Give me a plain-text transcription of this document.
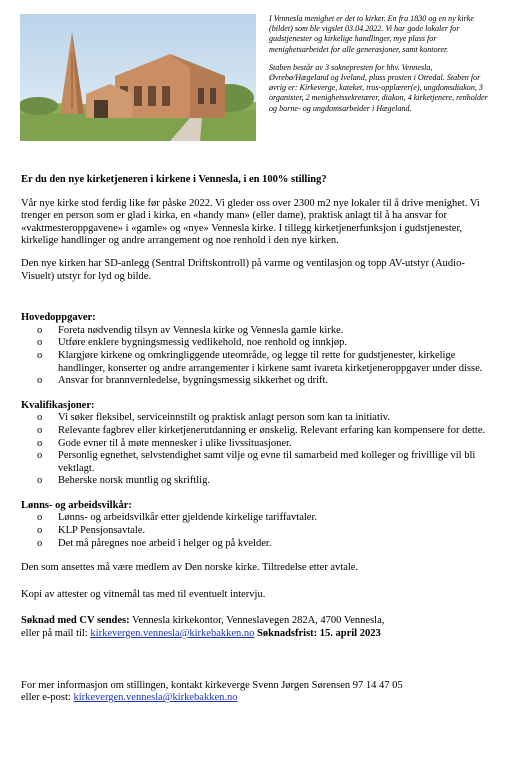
I Vennesla menighet er det to kirker. En fra 1830 og en ny kirke (bildet) som ble vigslet 03.04.2022. Vi har gode lokaler for gudstjenester og kirkelige handlinger, mye plass for menighetsarbeidet for alle generasjoner, samt kontorer.

Staben består av 3 soknepresten for hhv. Vennesla, Øvrebø/Hægeland og Iveland, pluss prosten i Otredal. Staben for øvrig er: Kirkeverge, kateket, tros-opplærer(e), ungdomsdiakon, 3 organister, 2 menighetssekretærer, diakon, 4 kirketjenere, renholder og barne- og ungdomsarbeider i Hægeland.

Er du den nye kirketjeneren i kirkene i Vennesla, i en 100% stilling?

Vår nye kirke stod ferdig like før påske 2022. Vi gleder oss over 2300 m2 nye lokaler til å drive menighet. Vi trenger en person som er glad i kirka, en «handy man» (eller dame), praktisk anlagt til å ha ansvar for «vaktmesteroppgavene» i «gamle» og «nye» Vennesla kirke. I tillegg kirketjenerfunksjon i gudstjenester, kirkelige handlinger og andre arrangement og noe renhold i den nye kirken.

Den nye kirken har SD-anlegg (Sentral Driftskontroll) på varme og ventilasjon og topp AV-utstyr (Audio-Visuelt) utstyr for lyd og bilde.

Hovedoppgaver:
o Foreta nødvendig tilsyn av Vennesla kirke og Vennesla gamle kirke.
o Utføre enklere bygningsmessig vedlikehold, noe renhold og innkjøp.
o Klargjøre kirkene og omkringliggende uteområde, og legge til rette for gudstjenester, kirkelige handlinger, konserter og andre arrangementer i kirkene samt ivareta kirketjeneroppgaver under disse.
o Ansvar for brannvernledelse, bygningsmessig sikkerhet og drift.
Kvalifikasjoner:
o Vi søker fleksibel, serviceinnstilt og praktisk anlagt person som kan ta initiativ.
o Relevante fagbrev eller kirketjenerutdanning er ønskelig. Relevant erfaring kan kompensere for dette.
o Gode evner til å møte mennesker i ulike livssituasjoner.
o Personlig egnethet, selvstendighet samt vilje og evne til samarbeid med kolleger og frivillige vil bli vektlagt.
o Beherske norsk muntlig og skriftlig.
Lønns- og arbeidsvilkår:
o Lønns- og arbeidsvilkår etter gjeldende kirkelige tariffavtaler.
o KLP Pensjonsavtale.
o Det må påregnes noe arbeid i helger og på kvelder.

Den som ansettes må være medlem av Den norske kirke. Tiltredelse etter avtale.

Kopi av attester og vitnemål tas med til eventuelt intervju.

Søknad med CV sendes: Vennesla kirkekontor, Venneslavegen 282A, 4700 Vennesla,
eller på mail til: kirkevergen.vennesla@kirkebakken.no Søknadsfrist: 15. april 2023

For mer informasjon om stillingen, kontakt kirkeverge Svenn Jørgen Sørensen 97 14 47 05
eller e-post: kirkevergen.vennesla@kirkebakken.no
